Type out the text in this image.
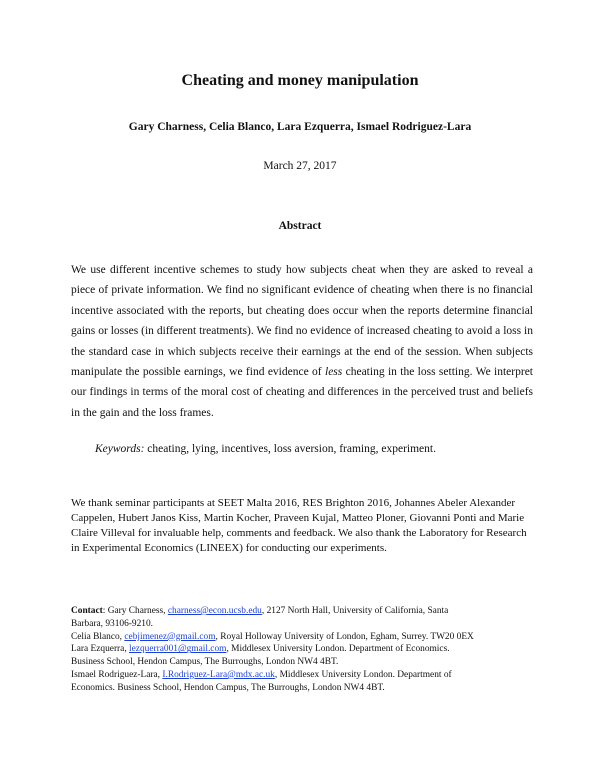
Cheating and money manipulation
Gary Charness, Celia Blanco, Lara Ezquerra, Ismael Rodriguez-Lara
March 27, 2017
Abstract

We use different incentive schemes to study how subjects cheat when they are asked to reveal a piece of private information. We find no significant evidence of cheating when there is no financial incentive associated with the reports, but cheating does occur when the reports determine financial gains or losses (in different treatments). We find no evidence of increased cheating to avoid a loss in the standard case in which subjects receive their earnings at the end of the session. When subjects manipulate the possible earnings, we find evidence of less cheating in the loss setting. We interpret our findings in terms of the moral cost of cheating and differences in the perceived trust and beliefs in the gain and the loss frames.

Keywords: cheating, lying, incentives, loss aversion, framing, experiment.

We thank seminar participants at SEET Malta 2016, RES Brighton 2016, Johannes Abeler Alexander Cappelen, Hubert Janos Kiss, Martin Kocher, Praveen Kujal, Matteo Ploner, Giovanni Ponti and Marie Claire Villeval for invaluable help, comments and feedback. We also thank the Laboratory for Research in Experimental Economics (LINEEX) for conducting our experiments.

Contact: Gary Charness, charness@econ.ucsb.edu, 2127 North Hall, University of California, Santa
Barbara, 93106-9210.
Celia Blanco, cebjimenez@gmail.com, Royal Holloway University of London, Egham, Surrey. TW20 0EX
Lara Ezquerra, lezquerra001@gmail.com, Middlesex University London. Department of Economics.
Business School, Hendon Campus, The Burroughs, London NW4 4BT.
Ismael Rodriguez-Lara, I.Rodriguez-Lara@mdx.ac.uk, Middlesex University London. Department of
Economics. Business School, Hendon Campus, The Burroughs, London NW4 4BT.
